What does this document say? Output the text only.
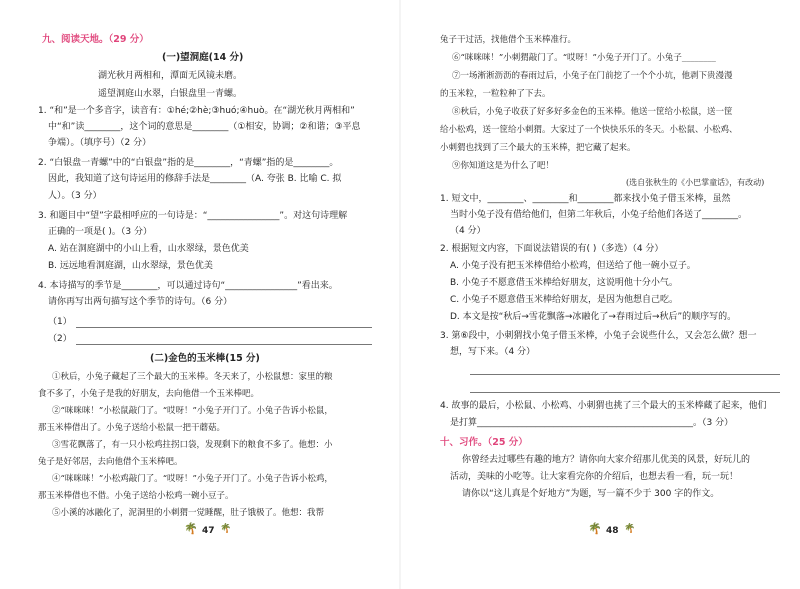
九、阅读天地。（29 分）
(一)望洞庭(14 分)
湖光秋月两相和，潭面无风镜未磨。
遥望洞庭山水翠，白银盘里一青螺。
1. “和”是一个多音字，读音有：①hé;②hè;③huó;④huò。在“湖光秋月两相和”
中“和”读________，这个词的意思是________（①相安，协调；②和谐；③平息
争端）。（填序号）（2 分）
2. “白银盘一青螺”中的“白银盘”指的是________，“青螺”指的是________。
因此，我知道了这句诗运用的修辞手法是________（A. 夸张 B. 比喻 C. 拟
人）。（3 分）
3. 和题目中“望”字最相呼应的一句诗是：“________________”。对这句诗理解
正确的一项是( )。（3 分）
A. 站在洞庭湖中的小山上看，山水翠绿，景色优美
B. 远远地看洞庭湖，山水翠绿，景色优美
4. 本诗描写的季节是________，可以通过诗句“________________”看出来。
请你再写出两句描写这个季节的诗句。（6 分）
（1）
（2）
(二)金色的玉米棒(15 分)
①秋后，小兔子藏起了三个最大的玉米棒。冬天来了，小松鼠想：家里的粮
食不多了，小兔子是我的好朋友，去向他借一个玉米棒吧。
②“咪咪咪！”小松鼠敲门了。“哎呀！”小兔子开门了。小兔子告诉小松鼠，
那玉米棒借出了。小兔子送给小松鼠一把干蘑菇。
③雪花飘落了，有一只小松鸡拄拐口袋，发现剩下的粮食不多了。他想：小
兔子是好邻居，去向他借个玉米棒吧。
④“咪咪咪！”小松鸡敲门了。“哎呀！”小兔子开门了。小兔子告诉小松鸡，
那玉米棒借也不借。小兔子送给小松鸡一碗小豆子。
⑤小溪的冰融化了，泥洞里的小刺猬一觉睡醒，肚子饿极了。他想：我帮
🌴 47 🌴
兔子干过活，找他借个玉米棒准行。
⑥“咪咪咪！”小刺猬敲门了。“哎呀！”小兔子开门了。小兔子________
⑦一场淅淅沥沥的春雨过后，小兔子在门前挖了一个个小坑，他剥下贵漫漫
的玉米粒，一粒粒种了下去。
⑧秋后，小兔子收获了好多好多金色的玉米棒。他送一筐给小松鼠，送一筐
给小松鸡，送一筐给小刺猬。大家过了一个快快乐乐的冬天。小松鼠、小松鸡、
小刺猬也找到了三个最大的玉米棒，把它藏了起来。
⑨你知道这是为什么了吧！
(选自张秋生的《小巴掌童话》，有改动)
1. 短文中，________、________和________都来找小兔子借玉米棒，虽然
当时小兔子没有借给他们，但第二年秋后，小兔子给他们各送了________。
（4 分）
2. 根据短文内容，下面说法错误的有( )（多选）（4 分）
A. 小兔子没有把玉米棒借给小松鸡，但送给了他一碗小豆子。
B. 小兔子不愿意借玉米棒给好朋友，这说明他十分小气。
C. 小兔子不愿意借玉米棒给好朋友，是因为他想自己吃。
D. 本文是按“秋后→雪花飘落→冰融化了→春雨过后→秋后”的顺序写的。
3. 第⑥段中，小刺猬找小兔子借玉米棒，小兔子会说些什么，又会怎么做？想一
想，写下来。（4 分）
4. 故事的最后，小松鼠、小松鸡、小刺猬也挑了三个最大的玉米棒藏了起来，他们
是打算________________________________________________。（3 分）
十、习作。（25 分）
你曾经去过哪些有趣的地方？请你向大家介绍那儿优美的风景，好玩儿的
活动，美味的小吃等。让大家看完你的介绍后，也想去看一看，玩一玩！
请你以“这儿真是个好地方”为题，写一篇不少于 300 字的作文。
🌴 48 🌴
